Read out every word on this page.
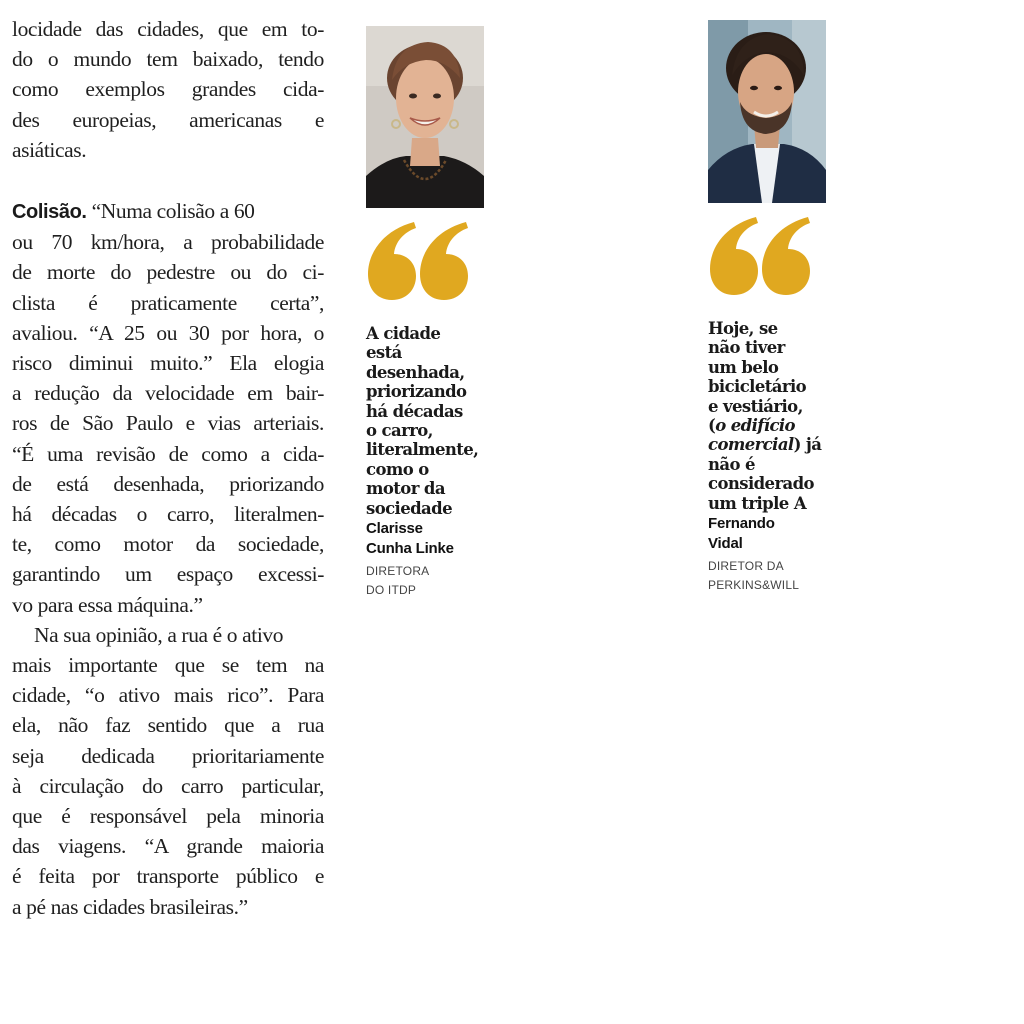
locidade das cidades, que em to-
do o mundo tem baixado, tendo
como exemplos grandes cida-
des europeias, americanas e
asiáticas.
Colisão. “Numa colisão a 60
ou 70 km/hora, a probabilidade
de morte do pedestre ou do ci-
clista é praticamente certa”,
avaliou. “A 25 ou 30 por hora, o
risco diminui muito.” Ela elogia
a redução da velocidade em bair-
ros de São Paulo e vias arteriais.
“É uma revisão de como a cida-
de está desenhada, priorizando
há décadas o carro, literalmen-
te, como motor da sociedade,
garantindo um espaço excessi-
vo para essa máquina.”
Na sua opinião, a rua é o ativo
mais importante que se tem na
cidade, “o ativo mais rico”. Para
ela, não faz sentido que a rua
seja dedicada prioritariamente
à circulação do carro particular,
que é responsável pela minoria
das viagens. “A grande maioria
é feita por transporte público e
a pé nas cidades brasileiras.”
A cidade
está
desenhada,
priorizando
há décadas
o carro,
literalmente,
como o
motor da
sociedade
Clarisse
Cunha Linke
DIRETORA
DO ITDP
Hoje, se
não tiver
um belo
bicicletário
e vestiário,
(o edifício
comercial) já
não é
considerado
um triple A
Fernando
Vidal
DIRETOR DA
PERKINS&WILL
